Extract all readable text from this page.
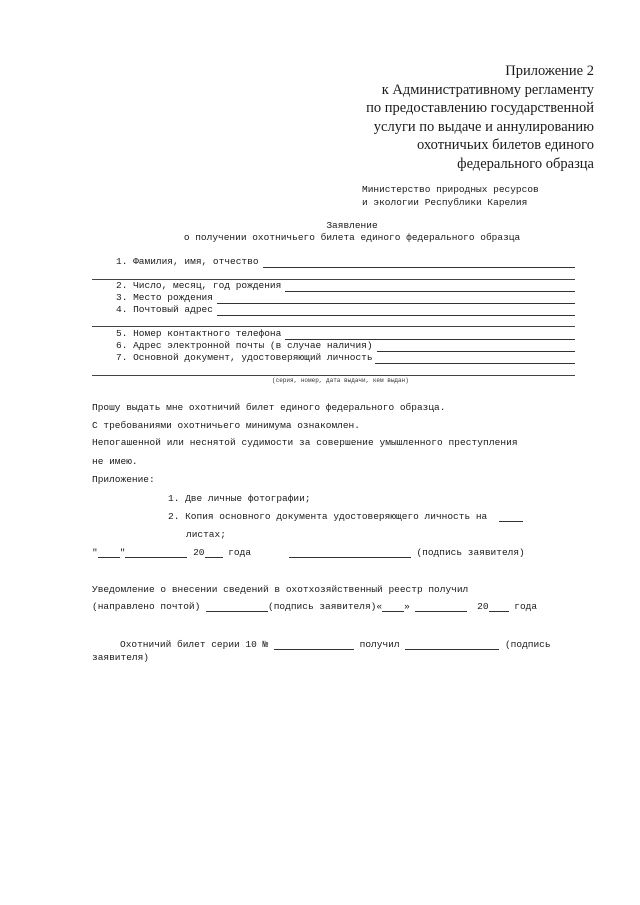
Приложение 2
к Административному регламенту
по предоставлению государственной
услуги по выдаче и аннулированию
охотничьих билетов единого
федерального образца
Министерство природных ресурсов
и экологии Республики Карелия
Заявление
о получении охотничьего билета единого федерального образца
1. Фамилия, имя, отчество
2. Число, месяц, год рождения
3. Место рождения
4. Почтовый адрес
5. Номер контактного телефона
6. Адрес электронной почты (в случае наличия)
7. Основной документ, удостоверяющий личность
(серия, номер, дата выдачи, кем выдан)
Прошу выдать мне охотничий билет единого федерального образца.
С требованиями охотничьего минимума ознакомлен.
Непогашенной или неснятой судимости за совершение умышленного преступления
не имею.
Приложение:
1. Две личные фотографии;
2. Копия основного документа удостоверяющего личность на
листах;
" "	20 года	(подпись заявителя)
Уведомление о внесении сведений в охотхозяйственный реестр получил
(направлено почтой)	(подпись заявителя)« »	20	года
Охотничий билет серии 10 №	получил	(подпись
заявителя)
